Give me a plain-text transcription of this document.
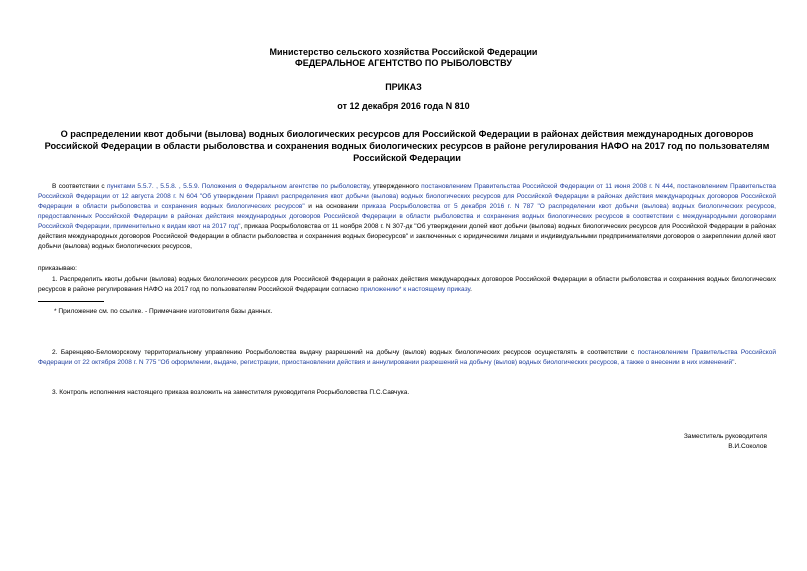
Министерство сельского хозяйства Российской Федерации
ФЕДЕРАЛЬНОЕ АГЕНТСТВО ПО РЫБОЛОВСТВУ
ПРИКАЗ
от 12 декабря 2016 года N 810
О распределении квот добычи (вылова) водных биологических ресурсов для Российской Федерации в районах действия международных договоров Российской Федерации в области рыболовства и сохранения водных биологических ресурсов в районе регулирования НАФО на 2017 год по пользователям Российской Федерации
В соответствии с пунктами 5.5.7. , 5.5.8. , 5.5.9. Положения о Федеральном агентстве по рыболовству, утвержденного постановлением Правительства Российской Федерации от 11 июня 2008 г. N 444, постановлением Правительства Российской Федерации от 12 августа 2008 г. N 604 "Об утверждении Правил распределения квот добычи (вылова) водных биологических ресурсов для Российской Федерации в районах действия международных договоров Российской Федерации в области рыболовства и сохранения водных биологических ресурсов" и на основании приказа Росрыболовства от 5 декабря 2016 г. N 787 "О распределении квот добычи (вылова) водных биологических ресурсов, предоставленных Российской Федерации в районах действия международных договоров Российской Федерации в области рыболовства и сохранения водных биологических ресурсов в соответствии с международными договорами Российской Федерации, применительно к видам квот на 2017 год", приказа Росрыболовства от 11 ноября 2008 г. N 307-дк "Об утверждении долей квот добычи (вылова) водных биологических ресурсов для Российской Федерации в районах действия международных договоров Российской Федерации в области рыболовства и сохранения водных биоресурсов" и заключенных с юридическими лицами и индивидуальными предпринимателями договоров о закреплении долей квот добычи (вылова) водных биологических ресурсов,
приказываю:
1. Распределить квоты добычи (вылова) водных биологических ресурсов для Российской Федерации в районах действия международных договоров Российской Федерации в области рыболовства и сохранения водных биологических ресурсов в районе регулирования НАФО на 2017 год по пользователям Российской Федерации согласно приложению* к настоящему приказу.
* Приложение см. по ссылке. - Примечание изготовителя базы данных.
2. Баренцево-Беломорскому территориальному управлению Росрыболовства выдачу разрешений на добычу (вылов) водных биологических ресурсов осуществлять в соответствии с постановлением Правительства Российской Федерации от 22 октября 2008 г. N 775 "Об оформлении, выдаче, регистрации, приостановлении действия и аннулировании разрешений на добычу (вылов) водных биологических ресурсов, а также о внесении в них изменений".
3. Контроль исполнения настоящего приказа возложить на заместителя руководителя Росрыболовства П.С.Савчука.
Заместитель руководителя
В.И.Соколов
